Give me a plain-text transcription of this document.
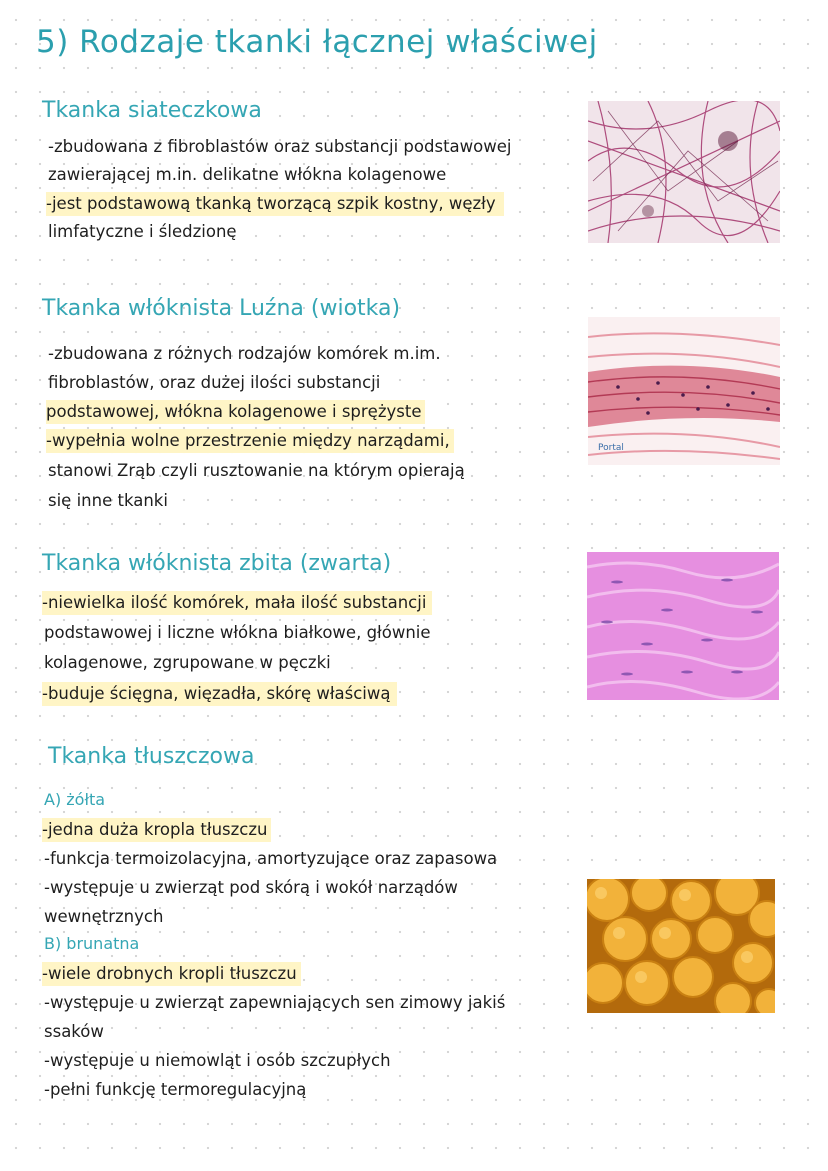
5) Rodzaje tkanki łącznej właściwej
Tkanka siateczkowa
-zbudowana z fibroblastów oraz substancji podstawowej
zawierającej m.in. delikatne włókna kolagenowe
-jest podstawową tkanką tworzącą szpik kostny, węzły
limfatyczne i śledzionę
Tkanka włóknista Luźna (wiotka)
-zbudowana z różnych rodzajów komórek m.im.
fibroblastów, oraz dużej ilości substancji
podstawowej, włókna kolagenowe i sprężyste
-wypełnia wolne przestrzenie między narządami,
stanowi Zrąb czyli rusztowanie na którym opierają
się inne tkanki
Portal
Tkanka włóknista zbita (zwarta)
-niewielka ilość komórek, mała ilość substancji
podstawowej i liczne włókna białkowe, głównie
kolagenowe, zgrupowane w pęczki
-buduje ścięgna, więzadła, skórę właściwą
Tkanka tłuszczowa
A) żółta
-jedna duża kropla tłuszczu
-funkcja termoizolacyjna, amortyzujące oraz zapasowa
-występuje u zwierząt pod skórą i wokół narządów
wewnętrznych
B) brunatna
-wiele drobnych kropli tłuszczu
-występuje u zwierząt zapewniających sen zimowy jakiś
ssaków
-występuje u niemowląt i osób szczupłych
-pełni funkcję termoregulacyjną
